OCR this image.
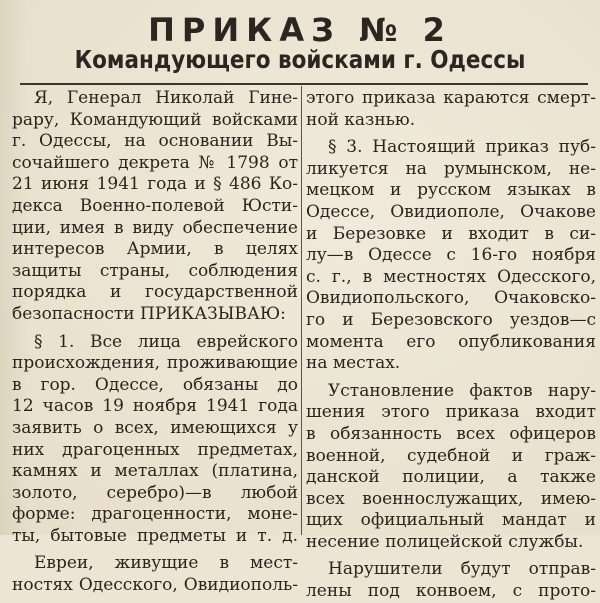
ПРИКАЗ № 2
Командующего войсками г. Одессы
Я, Генерал Николай Гине-
рару, Командующий войсками
г. Одессы, на основании Вы-
сочайшего декрета № 1798 от
21 июня 1941 года и § 486 Ко-
декса Военно-полевой Юсти-
ции, имея в виду обеспечение
интересов Армии, в целях
защиты страны, соблюдения
порядка и государственной
безопасности ПРИКАЗЫВАЮ:
§ 1. Все лица еврейского
происхождения, проживающие
в гор. Одессе, обязаны до
12 часов 19 ноября 1941 года
заявить о всех, имеющихся у
них драгоценных предметах,
камнях и металлах (платина,
золото, серебро)—в любой
форме: драгоценности, моне-
ты, бытовые предметы и т. д.
Евреи, живущие в мест-
ностях Одесского, Овидиополь-
этого приказа караются смерт-
ной казнью.
§ 3. Настоящий приказ пуб-
ликуется на румынском, не-
мецком и русском языках в
Одессе, Овидиополе, Очакове
и Березовке и входит в си-
лу—в Одессе с 16-го ноября
с. г., в местностях Одесского,
Овидиопольского, Очаковско-
го и Березовского уездов—с
момента его опубликования
на местах.
Установление фактов нару-
шения этого приказа входит
в обязанность всех офицеров
военной, судебной и граж-
данской полиции, а также
всех военнослужащих, имею-
щих официальный мандат и
несение полицейской службы.
Нарушители будут отправ-
лены под конвоем, с прото-
